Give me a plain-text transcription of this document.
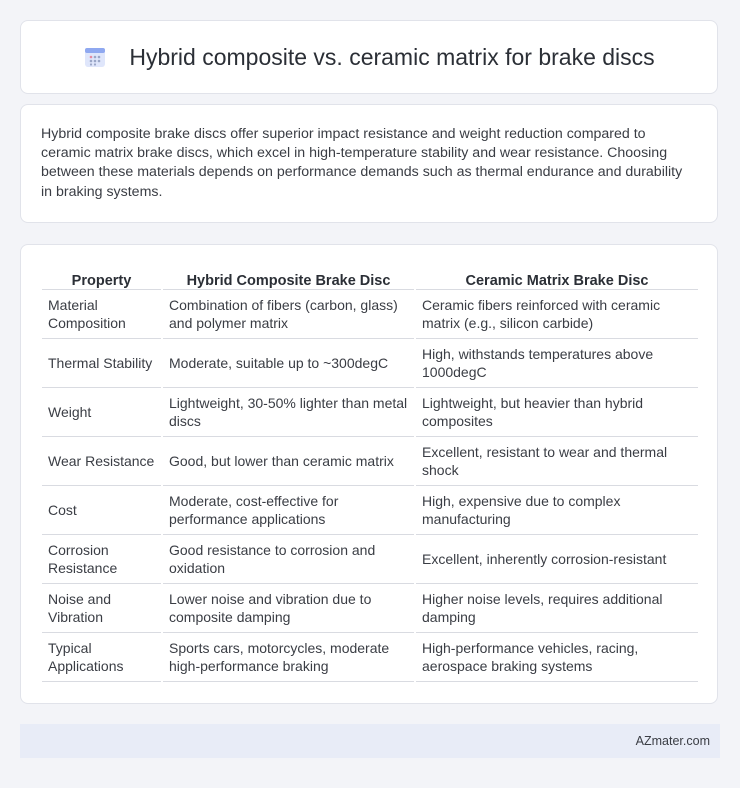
Hybrid composite vs. ceramic matrix for brake discs

Hybrid composite brake discs offer superior impact resistance and weight reduction compared to ceramic matrix brake discs, which excel in high-temperature stability and wear resistance. Choosing between these materials depends on performance demands such as thermal endurance and durability in braking systems.

Property	Hybrid Composite Brake Disc	Ceramic Matrix Brake Disc
Material Composition	Combination of fibers (carbon, glass) and polymer matrix	Ceramic fibers reinforced with ceramic matrix (e.g., silicon carbide)
Thermal Stability	Moderate, suitable up to ~300degC	High, withstands temperatures above 1000degC
Weight	Lightweight, 30-50% lighter than metal discs	Lightweight, but heavier than hybrid composites
Wear Resistance	Good, but lower than ceramic matrix	Excellent, resistant to wear and thermal shock
Cost	Moderate, cost-effective for performance applications	High, expensive due to complex manufacturing
Corrosion Resistance	Good resistance to corrosion and oxidation	Excellent, inherently corrosion-resistant
Noise and Vibration	Lower noise and vibration due to composite damping	Higher noise levels, requires additional damping
Typical Applications	Sports cars, motorcycles, moderate high-performance braking	High-performance vehicles, racing, aerospace braking systems
AZmater.com
